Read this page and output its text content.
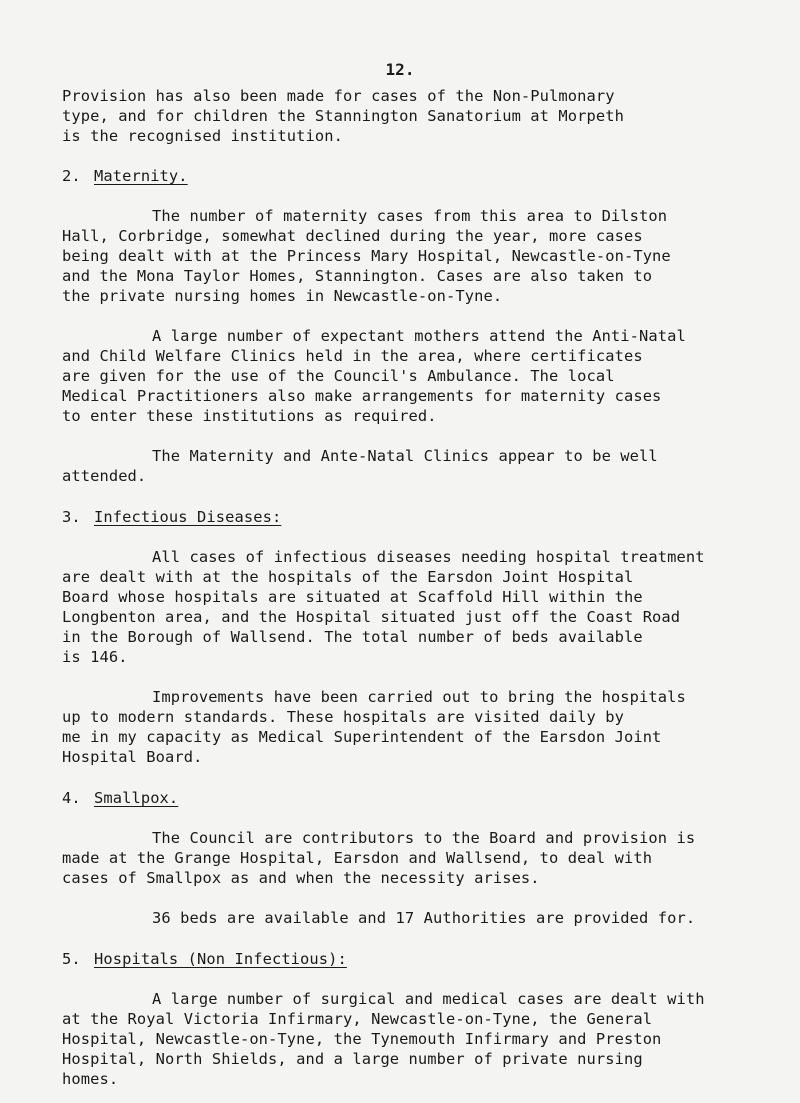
12.

Provision has also been made for cases of the Non-Pulmonary
type, and for children the Stannington Sanatorium at Morpeth
is the recognised institution.

2. Maternity.

The number of maternity cases from this area to Dilston
Hall, Corbridge, somewhat declined during the year, more cases
being dealt with at the Princess Mary Hospital, Newcastle-on-Tyne
and the Mona Taylor Homes, Stannington. Cases are also taken to
the private nursing homes in Newcastle-on-Tyne.

A large number of expectant mothers attend the Anti-Natal
and Child Welfare Clinics held in the area, where certificates
are given for the use of the Council's Ambulance. The local
Medical Practitioners also make arrangements for maternity cases
to enter these institutions as required.

The Maternity and Ante-Natal Clinics appear to be well
attended.

3. Infectious Diseases:

All cases of infectious diseases needing hospital treatment
are dealt with at the hospitals of the Earsdon Joint Hospital
Board whose hospitals are situated at Scaffold Hill within the
Longbenton area, and the Hospital situated just off the Coast Road
in the Borough of Wallsend. The total number of beds available
is 146.

Improvements have been carried out to bring the hospitals
up to modern standards. These hospitals are visited daily by
me in my capacity as Medical Superintendent of the Earsdon Joint
Hospital Board.

4. Smallpox.

The Council are contributors to the Board and provision is
made at the Grange Hospital, Earsdon and Wallsend, to deal with
cases of Smallpox as and when the necessity arises.

36 beds are available and 17 Authorities are provided for.

5. Hospitals (Non Infectious):

A large number of surgical and medical cases are dealt with
at the Royal Victoria Infirmary, Newcastle-on-Tyne, the General
Hospital, Newcastle-on-Tyne, the Tynemouth Infirmary and Preston
Hospital, North Shields, and a large number of private nursing
homes.
